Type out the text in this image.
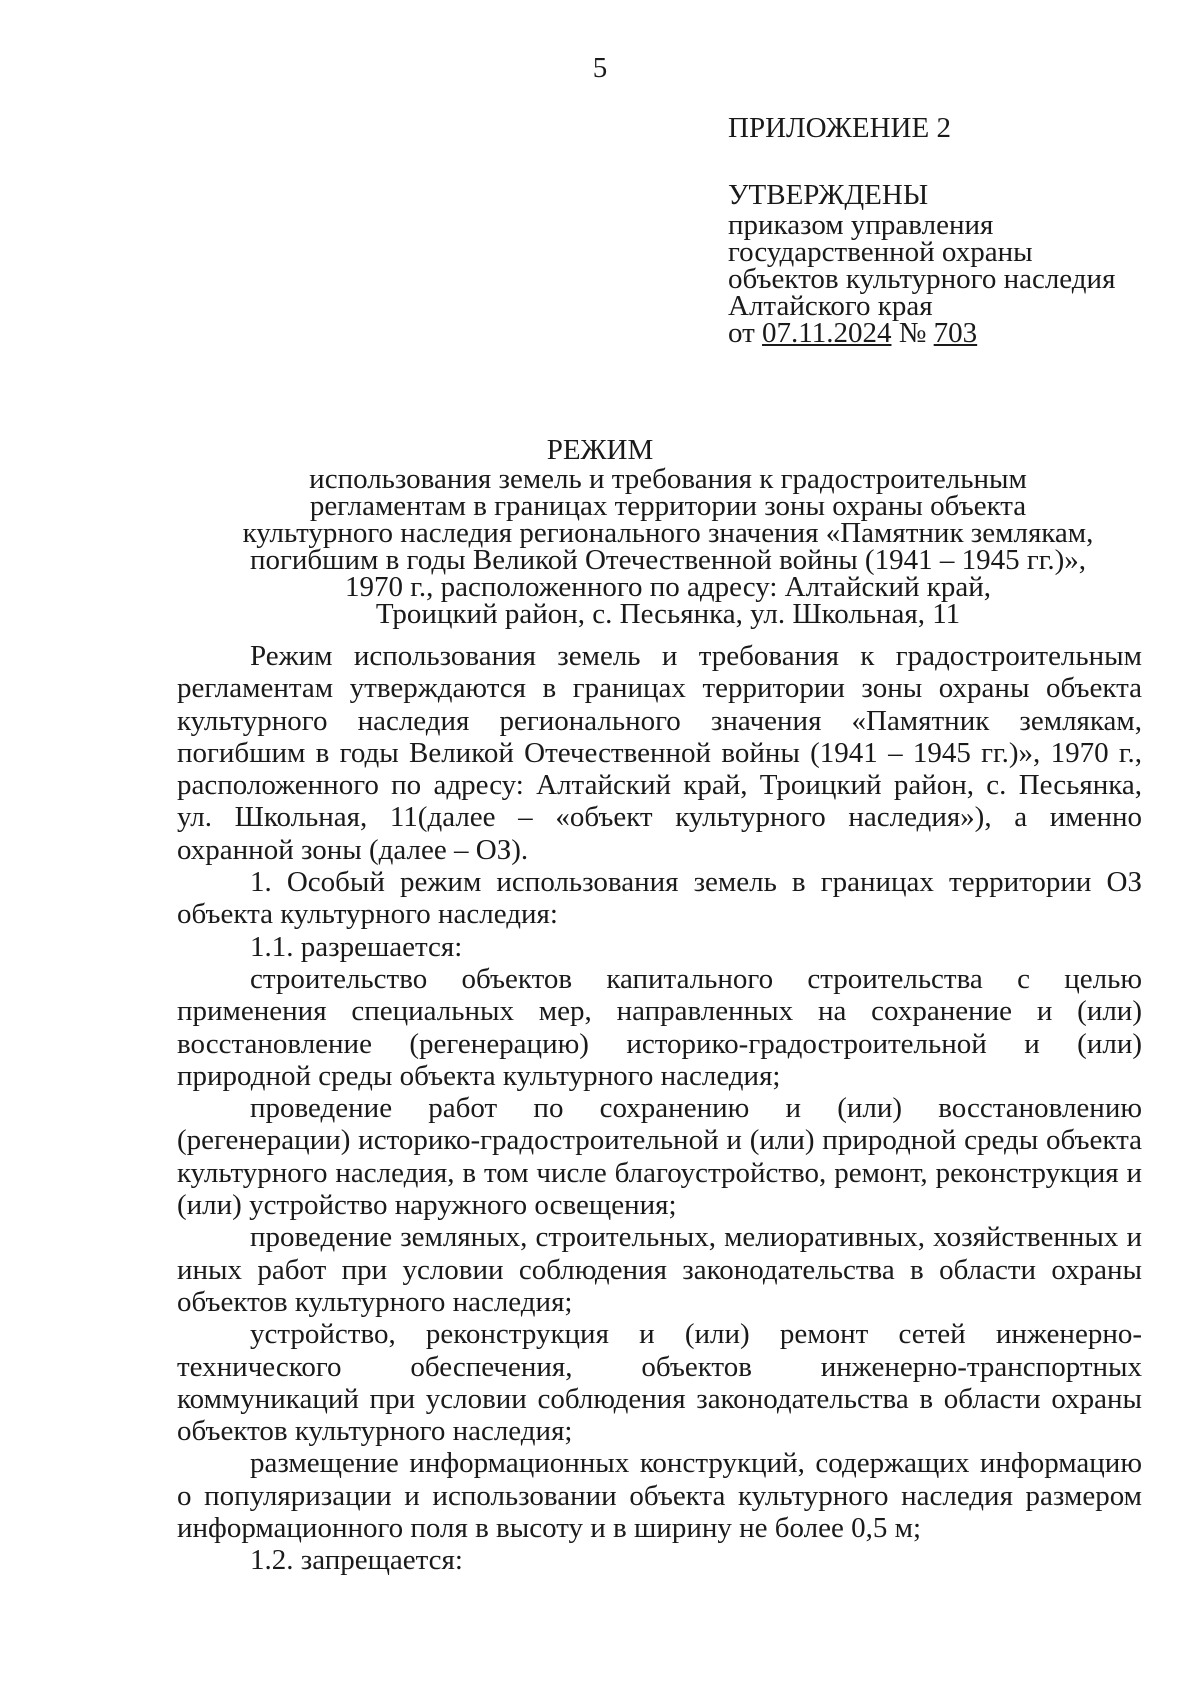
5
ПРИЛОЖЕНИЕ 2
УТВЕРЖДЕНЫ
приказом управления
государственной охраны
объектов культурного наследия
Алтайского края
от 07.11.2024 № 703
РЕЖИМ
использования земель и требования к градостроительным
регламентам в границах территории зоны охраны объекта
культурного наследия регионального значения «Памятник землякам,
погибшим в годы Великой Отечественной войны (1941 – 1945 гг.)»,
1970 г., расположенного по адресу: Алтайский край,
Троицкий район, с. Песьянка, ул. Школьная, 11

Режим использования земель и требования к градостроительным регламентам утверждаются в границах территории зоны охраны объекта культурного наследия регионального значения «Памятник землякам, погибшим в годы Великой Отечественной войны (1941 – 1945 гг.)», 1970 г., расположенного по адресу: Алтайский край, Троицкий район, с. Песьянка, ул. Школьная, 11(далее – «объект культурного наследия»), а именно охранной зоны (далее – ОЗ).

1. Особый режим использования земель в границах территории ОЗ объекта культурного наследия:

1.1. разрешается:

строительство объектов капитального строительства с целью применения специальных мер, направленных на сохранение и (или) восстановление (регенерацию) историко-градостроительной и (или) природной среды объекта культурного наследия;

проведение работ по сохранению и (или) восстановлению (регенерации) историко-градостроительной и (или) природной среды объекта культурного наследия, в том числе благоустройство, ремонт, реконструкция и (или) устройство наружного освещения;

проведение земляных, строительных, мелиоративных, хозяйственных и иных работ при условии соблюдения законодательства в области охраны объектов культурного наследия;

устройство, реконструкция и (или) ремонт сетей инженерно-технического обеспечения, объектов инженерно-транспортных коммуникаций при условии соблюдения законодательства в области охраны объектов культурного наследия;

размещение информационных конструкций, содержащих информацию о популяризации и использовании объекта культурного наследия размером информационного поля в высоту и в ширину не более 0,5 м;

1.2. запрещается:
